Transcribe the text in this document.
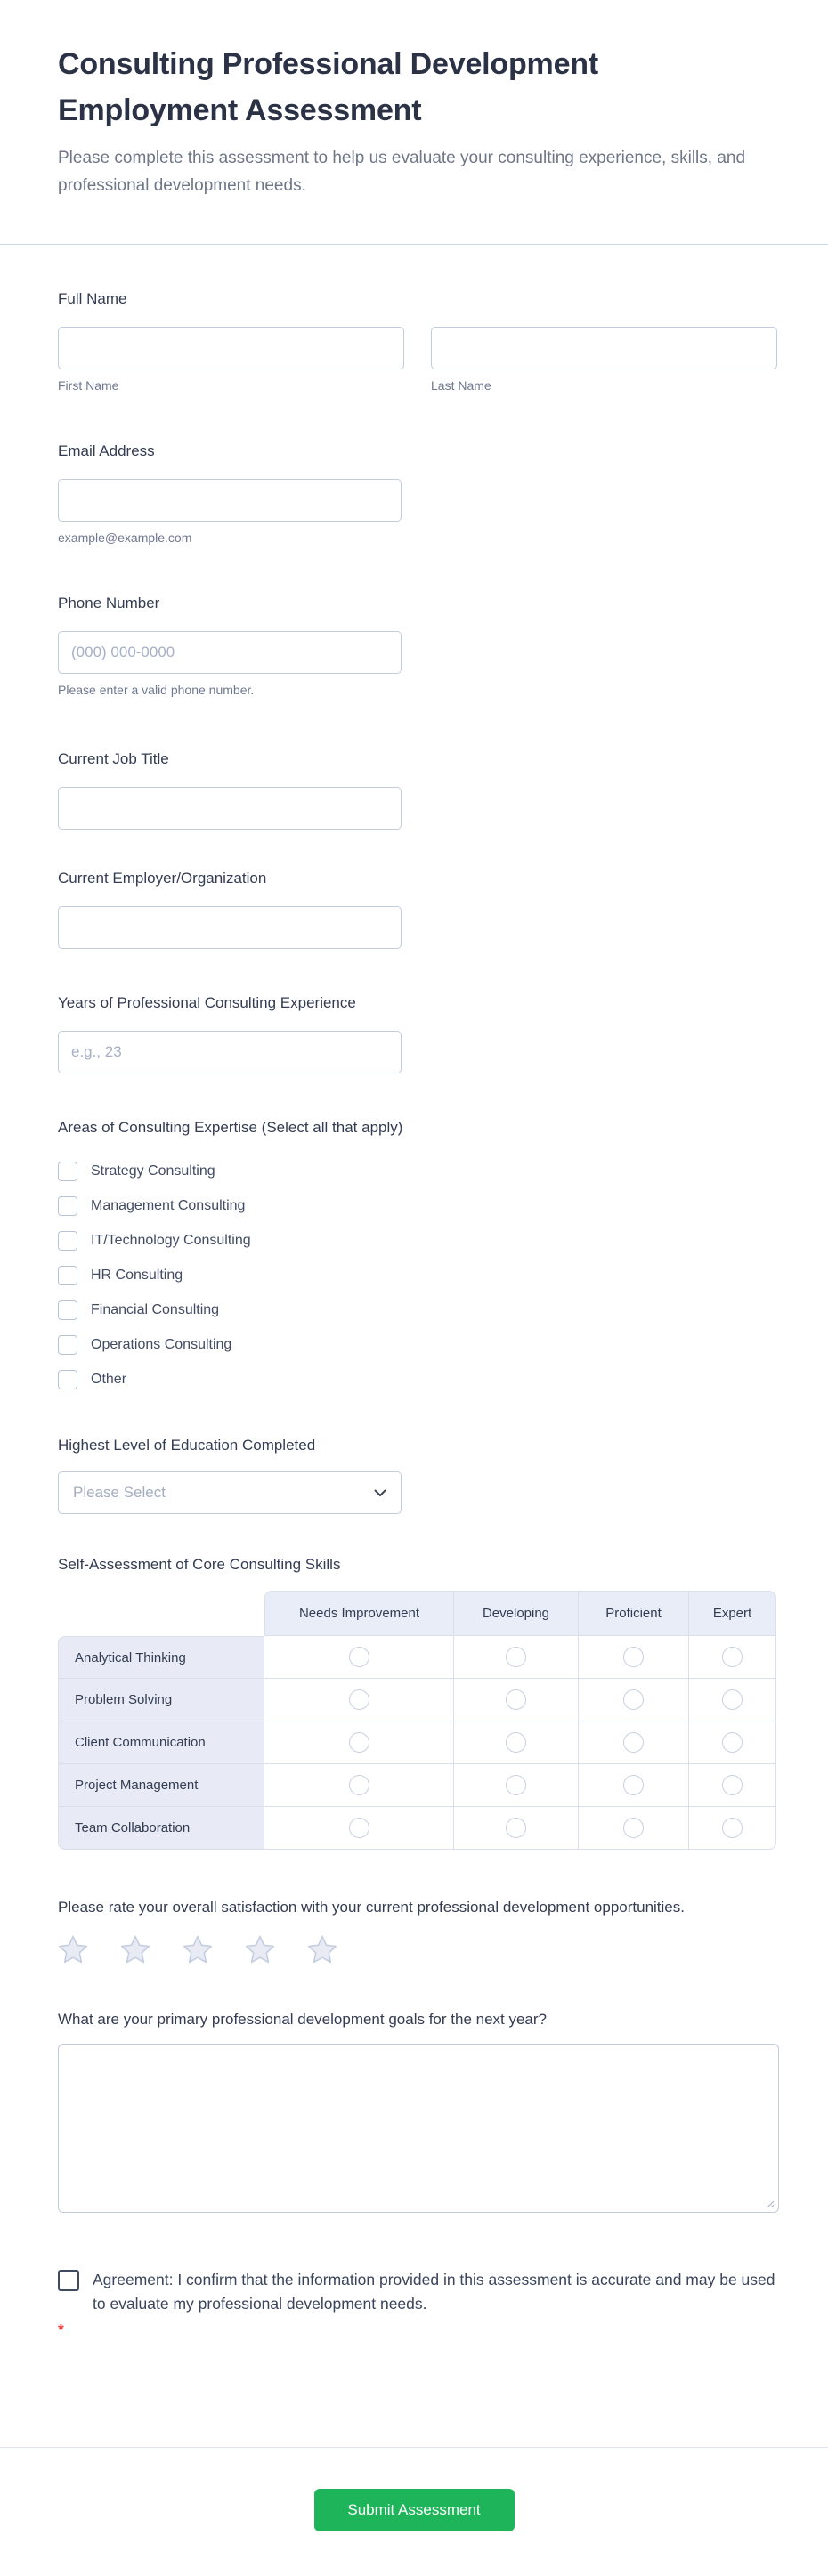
Consulting Professional Development Employment Assessment

Please complete this assessment to help us evaluate your consulting experience, skills, and professional development needs.

Full Name
First Name	Last Name
Email Address
example@example.com
Phone Number
(000) 000-0000
Please enter a valid phone number.
Current Job Title
Current Employer/Organization
Years of Professional Consulting Experience
e.g., 23
Areas of Consulting Expertise (Select all that apply)
Strategy Consulting
Management Consulting
IT/Technology Consulting
HR Consulting
Financial Consulting
Operations Consulting
Other
Highest Level of Education Completed
Please Select
Self-Assessment of Core Consulting Skills
Needs Improvement	Developing	Proficient	Expert
Analytical Thinking
Problem Solving
Client Communication
Project Management
Team Collaboration
Please rate your overall satisfaction with your current professional development opportunities.
What are your primary professional development goals for the next year?
Agreement: I confirm that the information provided in this assessment is accurate and may be used to evaluate my professional development needs.
*
Submit Assessment
